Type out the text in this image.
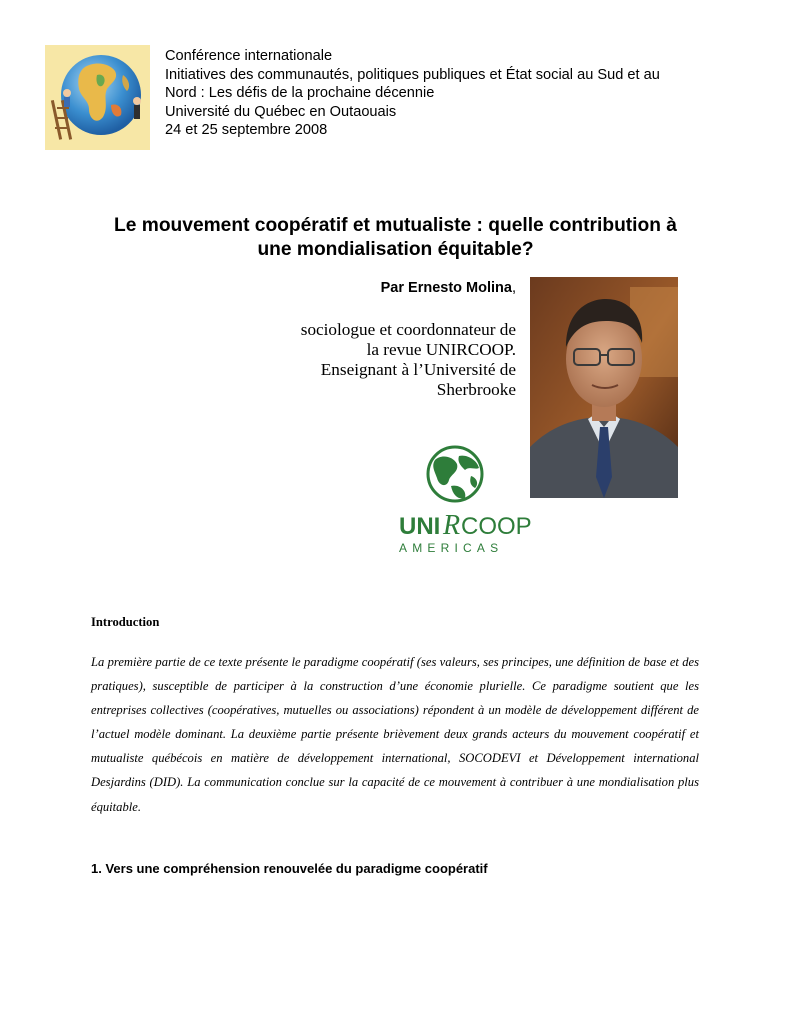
Conférence internationale
Initiatives des communautés, politiques publiques et État social au Sud et au
Nord : Les défis de la prochaine décennie
Université du Québec en Outaouais
24 et 25 septembre 2008
Le mouvement coopératif et mutualiste : quelle contribution à
une mondialisation équitable?
Par Ernesto Molina,
sociologue et coordonnateur de
la revue UNIRCOOP.
Enseignant à l’Université de
Sherbrooke
UNI R COOP
AMERICAS
Introduction

La première partie de ce texte présente le paradigme coopératif (ses valeurs, ses principes, une définition de base et des pratiques), susceptible de participer à la construction d’une économie plurielle. Ce paradigme soutient que les entreprises collectives (coopératives, mutuelles ou associations) répondent à un modèle de développement différent de l’actuel modèle dominant. La deuxième partie présente brièvement deux grands acteurs du mouvement coopératif et mutualiste québécois en matière de développement international, SOCODEVI et Développement international Desjardins (DID). La communication conclue sur la capacité de ce mouvement à contribuer à une mondialisation plus équitable.

1. Vers une compréhension renouvelée du paradigme coopératif
